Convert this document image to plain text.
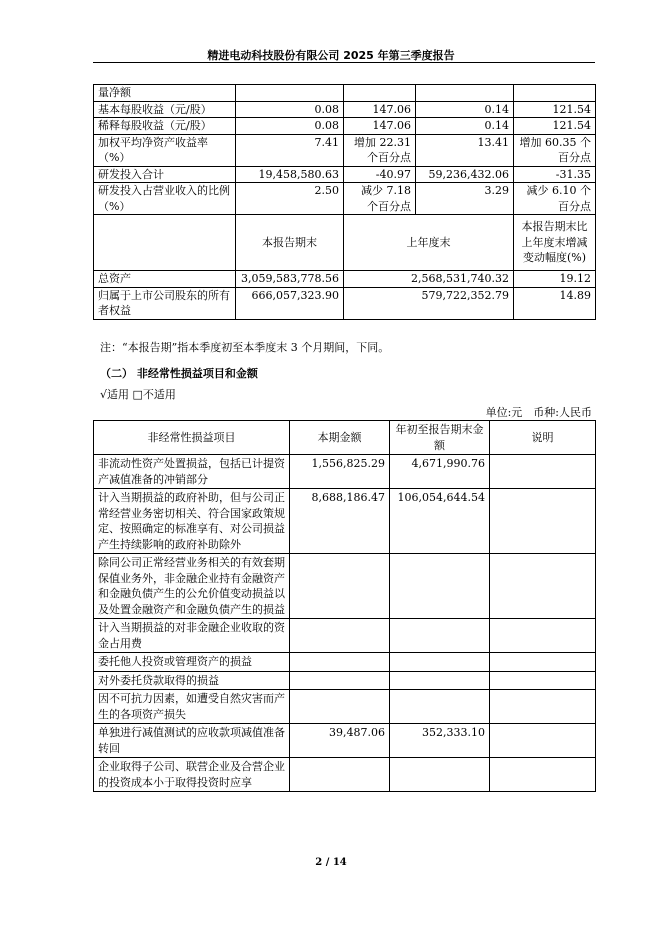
精进电动科技股份有限公司 2025 年第三季度报告
量净额				
基本每股收益（元/股）	0.08	147.06	0.14	121.54
稀释每股收益（元/股）	0.08	147.06	0.14	121.54
加权平均净资产收益率（%）	7.41	增加 22.31 个百分点	13.41	增加 60.35 个百分点
研发投入合计	19,458,580.63	-40.97	59,236,432.06	-31.35
研发投入占营业收入的比例（%）	2.50	减少 7.18 个百分点	3.29	减少 6.10 个百分点
	本报告期末	上年度末		本报告期末比上年度末增减变动幅度(%)
总资产	3,059,583,778.56	2,568,531,740.32		19.12
归属于上市公司股东的所有者权益	666,057,323.90	579,722,352.79		14.89
注：“本报告期”指本季度初至本季度末 3 个月期间，下同。
（二） 非经常性损益项目和金额
√适用 □不适用
单位:元　币种:人民币
非经常性损益项目	本期金额	年初至报告期末金额	说明
非流动性资产处置损益，包括已计提资产减值准备的冲销部分	1,556,825.29	4,671,990.76	
计入当期损益的政府补助，但与公司正常经营业务密切相关、符合国家政策规定、按照确定的标准享有、对公司损益产生持续影响的政府补助除外	8,688,186.47	106,054,644.54	
除同公司正常经营业务相关的有效套期保值业务外，非金融企业持有金融资产和金融负债产生的公允价值变动损益以及处置金融资产和金融负债产生的损益			
计入当期损益的对非金融企业收取的资金占用费			
委托他人投资或管理资产的损益			
对外委托贷款取得的损益			
因不可抗力因素，如遭受自然灾害而产生的各项资产损失			
单独进行减值测试的应收款项减值准备转回	39,487.06	352,333.10	
企业取得子公司、联营企业及合营企业的投资成本小于取得投资时应享			
2 / 14
